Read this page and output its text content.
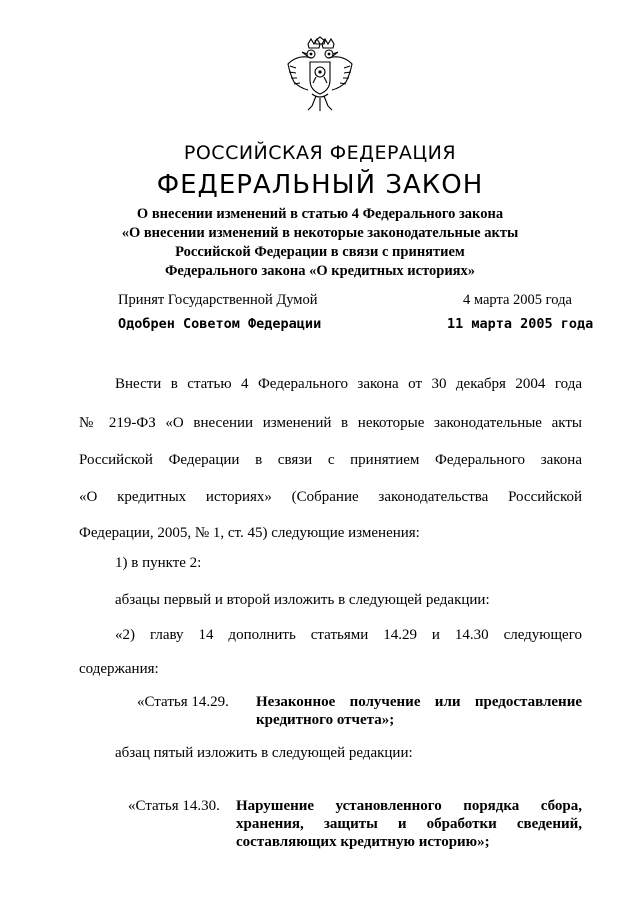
РОССИЙСКАЯ ФЕДЕРАЦИЯ
ФЕДЕРАЛЬНЫЙ ЗАКОН
О внесении изменений в статью 4 Федерального закона
«О внесении изменений в некоторые законодательные акты
Российской Федерации в связи с принятием
Федерального закона «О кредитных историях»
Принят Государственной Думой	4 марта 2005 года
Одобрен Советом Федерации	11 марта 2005 года
Внести в статью 4 Федерального закона от 30 декабря 2004 года
№ 219-ФЗ «О внесении изменений в некоторые законодательные акты
Российской Федерации в связи с принятием Федерального закона
«О кредитных историях» (Собрание законодательства Российской
Федерации, 2005, № 1, ст. 45) следующие изменения:
1) в пункте 2:
абзацы первый и второй изложить в следующей редакции:
«2) главу 14 дополнить статьями 14.29 и 14.30 следующего
содержания:
«Статья 14.29. Незаконное получение или предоставление
кредитного отчета»;
абзац пятый изложить в следующей редакции:
«Статья 14.30. Нарушение установленного порядка сбора,
хранения, защиты и обработки сведений,
составляющих кредитную историю»;
